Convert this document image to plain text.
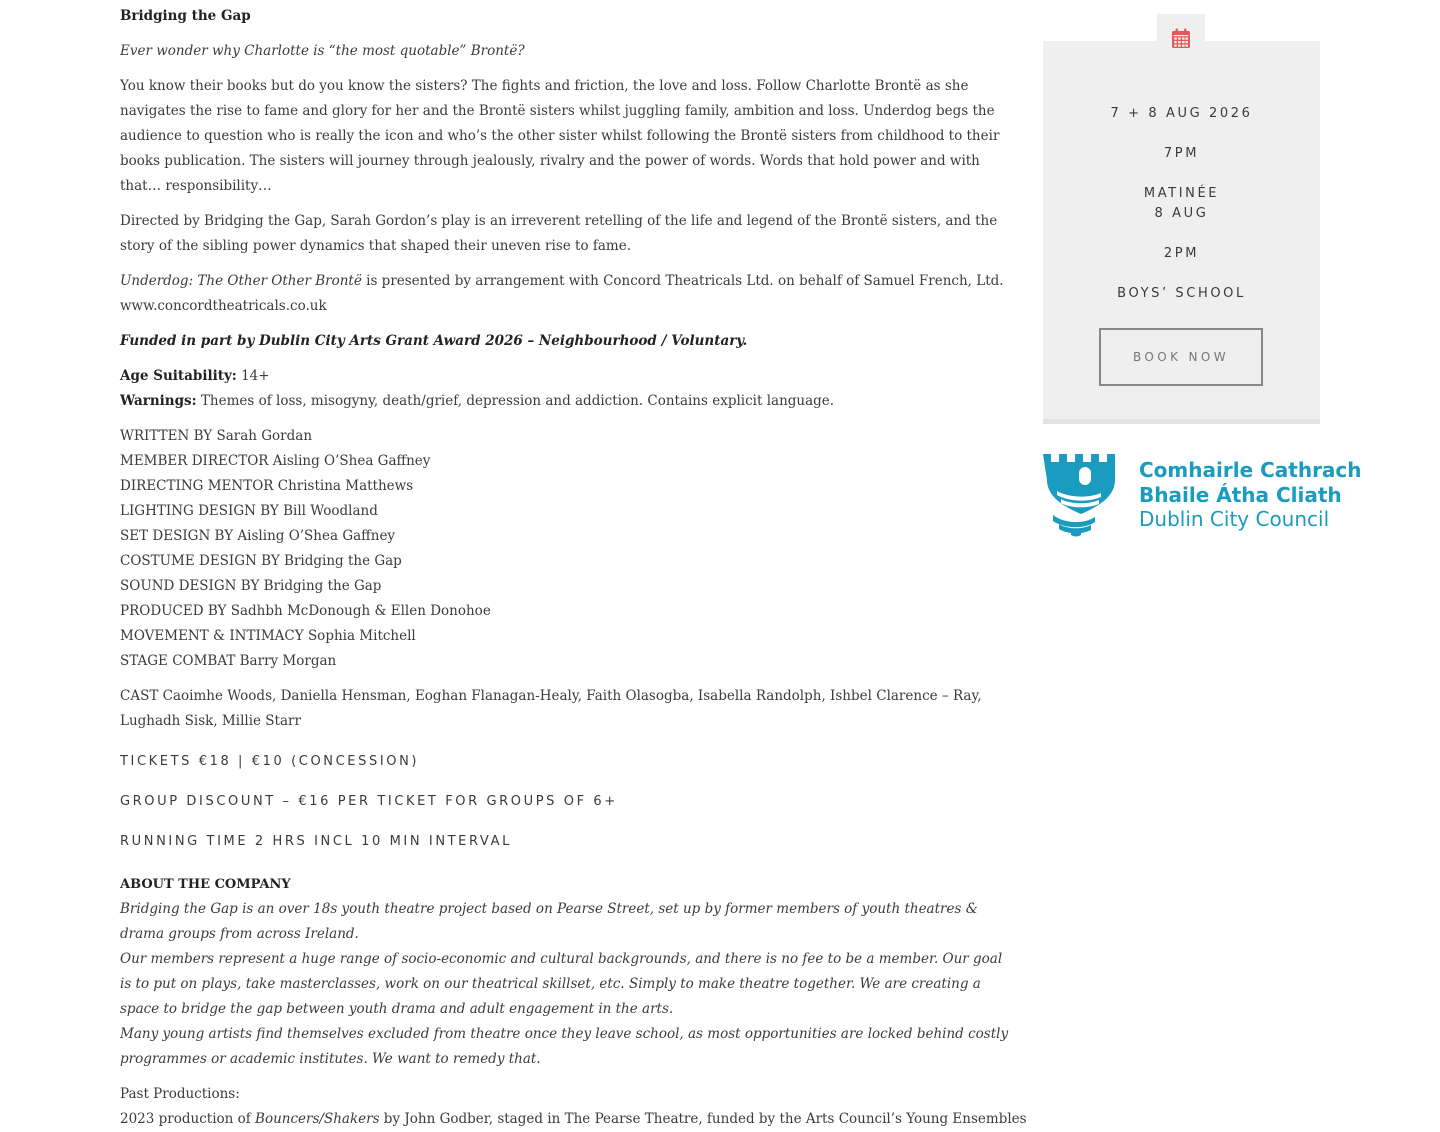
Bridging the Gap
Ever wonder why Charlotte is “the most quotable” Brontë?
You know their books but do you know the sisters? The fights and friction, the love and loss. Follow Charlotte Brontë as she navigates the rise to fame and glory for her and the Brontë sisters whilst juggling family, ambition and loss. Underdog begs the audience to question who is really the icon and who’s the other sister whilst following the Brontë sisters from childhood to their books publication. The sisters will journey through jealously, rivalry and the power of words. Words that hold power and with that… responsibility…
Directed by Bridging the Gap, Sarah Gordon’s play is an irreverent retelling of the life and legend of the Brontë sisters, and the story of the sibling power dynamics that shaped their uneven rise to fame.
Underdog: The Other Other Brontë is presented by arrangement with Concord Theatricals Ltd. on behalf of Samuel French, Ltd. www.concordtheatricals.co.uk
Funded in part by Dublin City Arts Grant Award 2026 – Neighbourhood / Voluntary.
Age Suitability: 14+
Warnings: Themes of loss, misogyny, death/grief, depression and addiction. Contains explicit language.
WRITTEN BY Sarah Gordan
MEMBER DIRECTOR Aisling O’Shea Gaffney
DIRECTING MENTOR Christina Matthews
LIGHTING DESIGN BY Bill Woodland
SET DESIGN BY Aisling O’Shea Gaffney
COSTUME DESIGN BY Bridging the Gap
SOUND DESIGN BY Bridging the Gap
PRODUCED BY Sadhbh McDonough & Ellen Donohoe
MOVEMENT & INTIMACY Sophia Mitchell
STAGE COMBAT Barry Morgan
CAST Caoimhe Woods, Daniella Hensman, Eoghan Flanagan-Healy, Faith Olasogba, Isabella Randolph, Ishbel Clarence – Ray, Lughadh Sisk, Millie Starr
TICKETS €18 | €10 (CONCESSION)
GROUP DISCOUNT – €16 PER TICKET FOR GROUPS OF 6+
RUNNING TIME 2 HRS INCL 10 MIN INTERVAL
ABOUT THE COMPANY
Bridging the Gap is an over 18s youth theatre project based on Pearse Street, set up by former members of youth theatres & drama groups from across Ireland.
Our members represent a huge range of socio-economic and cultural backgrounds, and there is no fee to be a member. Our goal is to put on plays, take masterclasses, work on our theatrical skillset, etc. Simply to make theatre together. We are creating a space to bridge the gap between youth drama and adult engagement in the arts.
Many young artists find themselves excluded from theatre once they leave school, as most opportunities are locked behind costly programmes or academic institutes. We want to remedy that.
Past Productions:
2023 production of Bouncers/Shakers by John Godber, staged in The Pearse Theatre, funded by the Arts Council’s Young Ensembles
7 + 8 AUG 2026
7PM
MATINÉE
8 AUG
2PM
BOYS’ SCHOOL
BOOK NOW
Comhairle Cathrach
Bhaile Átha Cliath
Dublin City Council
